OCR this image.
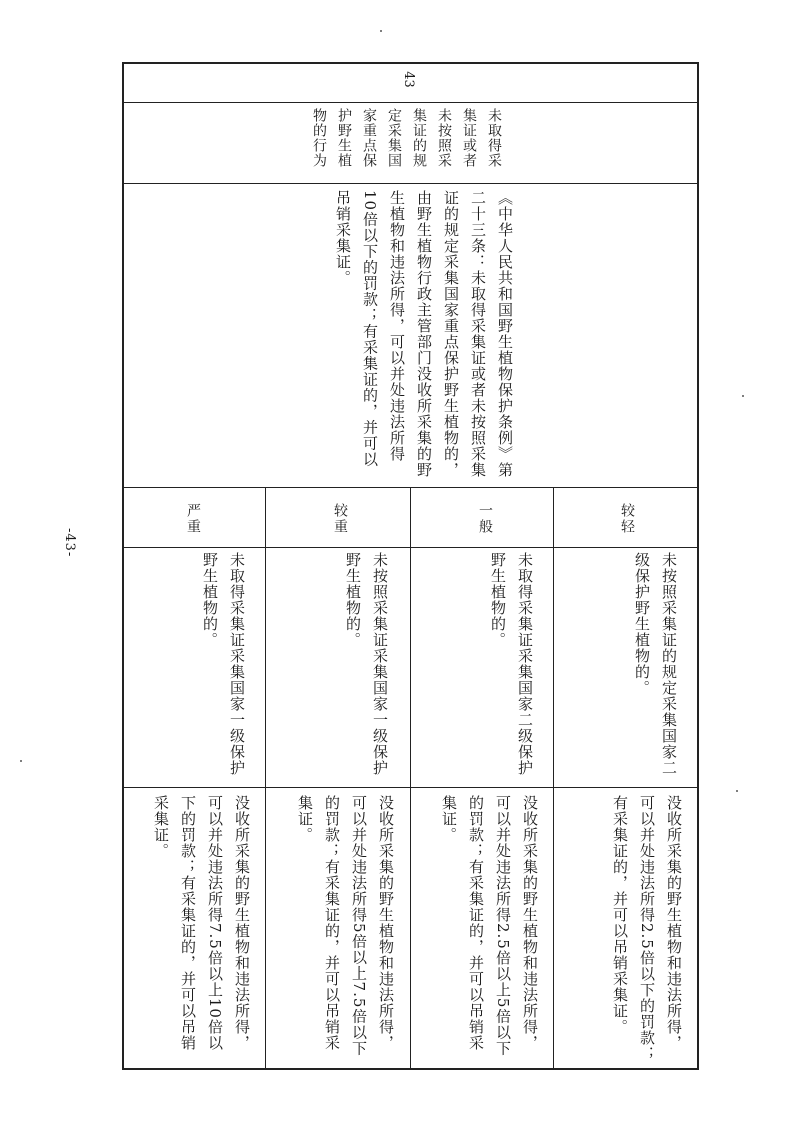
43
未取得采集证或者未按照采集证的规定采集国家重点保护野生植物的行为
《中华人民共和国野生植物保护条例》第二十三条：未取得采集证或者未按照采集证的规定采集国家重点保护野生植物的，由野生植物行政主管部门没收所采集的野生植物和违法所得，可以并处违法所得10倍以下的罚款；有采集证的，并可以吊销采集证。
较轻
一般
较重
严重
未按照采集证的规定采集国家二级保护野生植物的。
未取得采集证采集国家二级保护野生植物的。
未按照采集证采集国家一级保护野生植物的。
未取得采集证采集国家一级保护野生植物的。
没收所采集的野生植物和违法所得，可以并处违法所得2.5倍以下的罚款；有采集证的，并可以吊销采集证。
没收所采集的野生植物和违法所得，可以并处违法所得2.5倍以上5倍以下的罚款；有采集证的，并可以吊销采集证。
没收所采集的野生植物和违法所得，可以并处违法所得5倍以上7.5倍以下的罚款；有采集证的，并可以吊销采集证。
没收所采集的野生植物和违法所得，可以并处违法所得7.5倍以上10倍以下的罚款；有采集证的，并可以吊销采集证。
-43-
